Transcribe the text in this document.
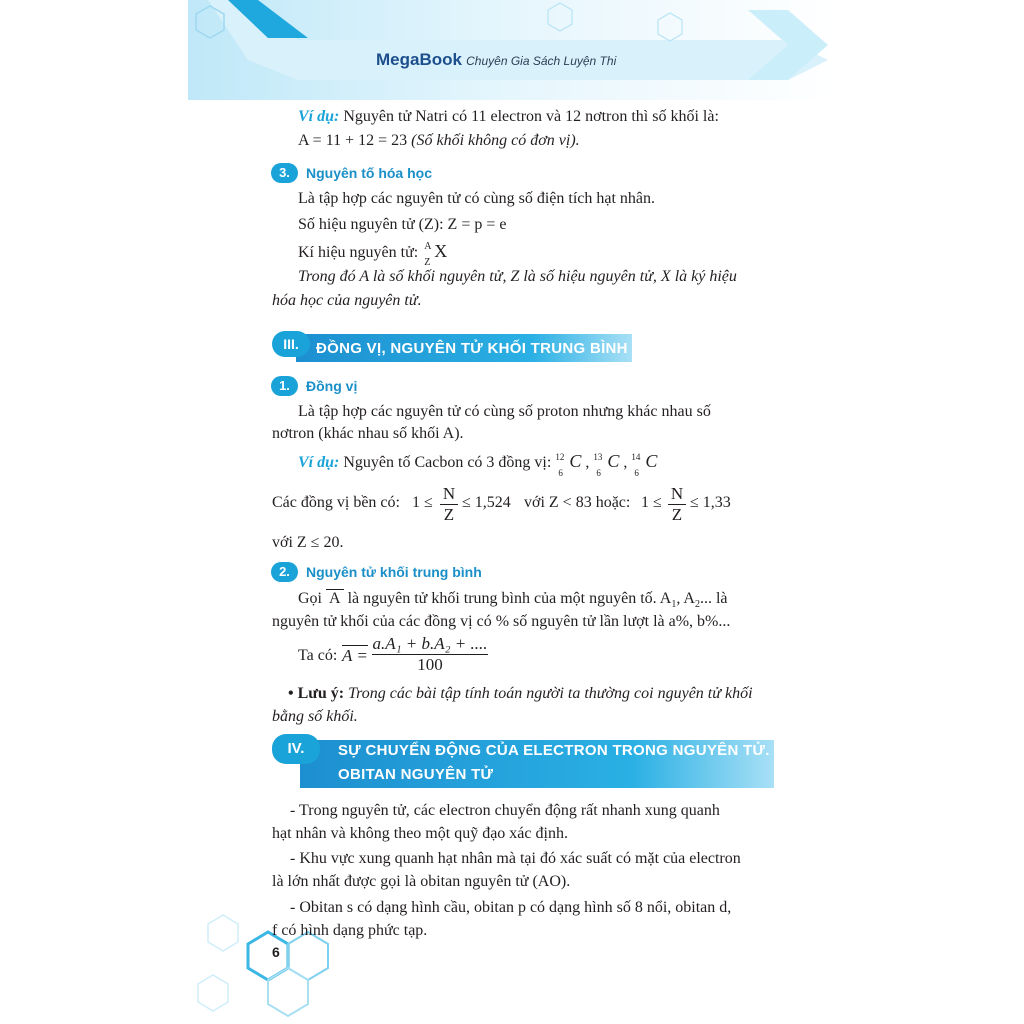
MegaBook Chuyên Gia Sách Luyện Thi
Ví dụ: Nguyên tử Natri có 11 electron và 12 nơtron thì số khối là:
A = 11 + 12 = 23 (Số khối không có đơn vị).
3.	Nguyên tố hóa học
Là tập hợp các nguyên tử có cùng số điện tích hạt nhân.
Số hiệu nguyên tử (Z): Z = p = e
Kí hiệu nguyên tử: A
Z
X
Trong đó A là số khối nguyên tử, Z là số hiệu nguyên tử, X là ký hiệu
hóa học của nguyên tử.
III.	ĐỒNG VỊ, NGUYÊN TỬ KHỐI TRUNG BÌNH
1.	Đồng vị
Là tập hợp các nguyên tử có cùng số proton nhưng khác nhau số
nơtron (khác nhau số khối A).
Ví dụ: Nguyên tố Cacbon có 3 đồng vị: 12
6
C , 13
6
C , 14
6
C
Các đồng vị bền có: 1 ≤ N
Z
≤ 1,524 với Z < 83 hoặc: 1 ≤ N
Z
≤ 1,33
với Z ≤ 20.
2.	Nguyên tử khối trung bình
Gọi A là nguyên tử khối trung bình của một nguyên tố. $A_1$, $A_2$... là
nguyên tử khối của các đồng vị có % số nguyên tử lần lượt là a%, b%...
Ta có: A =
a.A₁ + b.A₂ + ....
100
• Lưu ý: Trong các bài tập tính toán người ta thường coi nguyên tử khối
bằng số khối.
IV.	SỰ CHUYỂN ĐỘNG CỦA ELECTRON TRONG NGUYÊN TỬ.
OBITAN NGUYÊN TỬ
- Trong nguyên tử, các electron chuyển động rất nhanh xung quanh
hạt nhân và không theo một quỹ đạo xác định.
- Khu vực xung quanh hạt nhân mà tại đó xác suất có mặt của electron
là lớn nhất được gọi là obitan nguyên tử (AO).
- Obitan s có dạng hình cầu, obitan p có dạng hình số 8 nổi, obitan d,
f có hình dạng phức tạp.
6
